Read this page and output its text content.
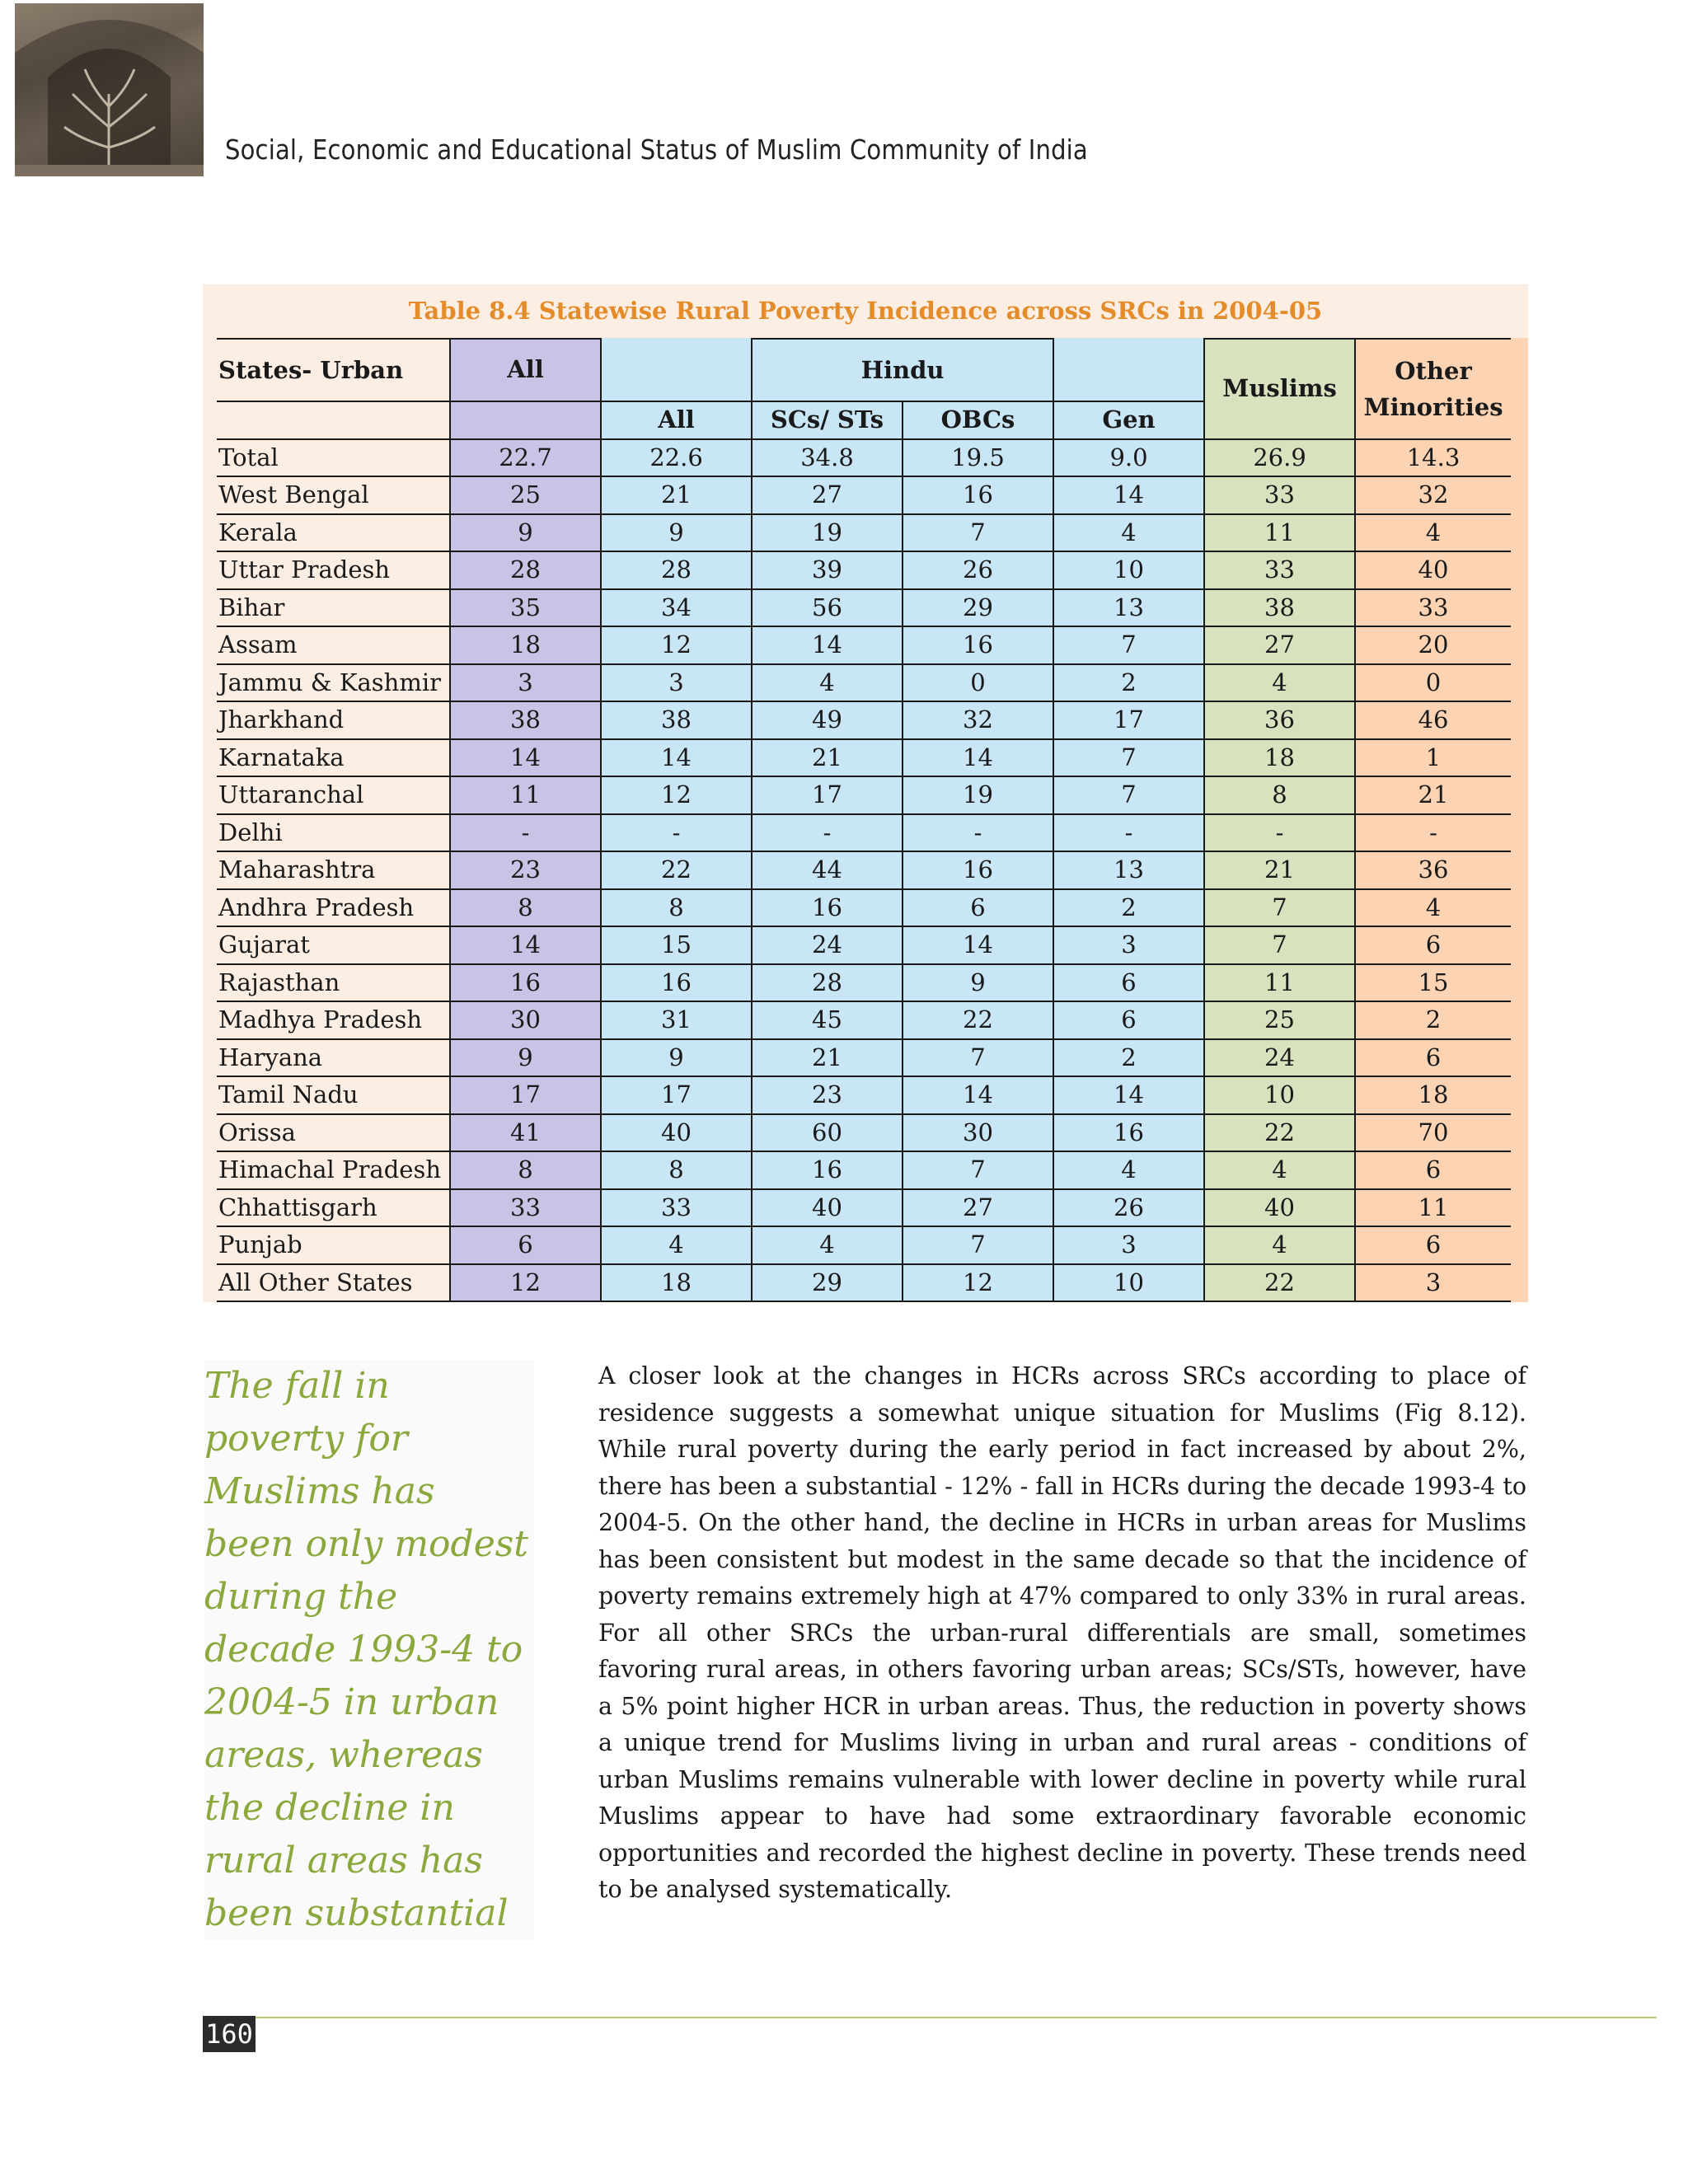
Social, Economic and Educational Status of Muslim Community of India
Table 8.4 Statewise Rural Poverty Incidence across SRCs in 2004-05
States- Urban	All		Hindu			Muslims	Other
Minorities

		All	SCs/ STs	OBCs	Gen		
Total	22.7	22.6	34.8	19.5	9.0	26.9	14.3
West Bengal	25	21	27	16	14	33	32
Kerala	9	9	19	7	4	11	4
Uttar Pradesh	28	28	39	26	10	33	40
Bihar	35	34	56	29	13	38	33
Assam	18	12	14	16	7	27	20
Jammu & Kashmir	3	3	4	0	2	4	0
Jharkhand	38	38	49	32	17	36	46
Karnataka	14	14	21	14	7	18	1
Uttaranchal	11	12	17	19	7	8	21
Delhi	-	-	-	-	-	-	-
Maharashtra	23	22	44	16	13	21	36
Andhra Pradesh	8	8	16	6	2	7	4
Gujarat	14	15	24	14	3	7	6
Rajasthan	16	16	28	9	6	11	15
Madhya Pradesh	30	31	45	22	6	25	2
Haryana	9	9	21	7	2	24	6
Tamil Nadu	17	17	23	14	14	10	18
Orissa	41	40	60	30	16	22	70
Himachal Pradesh	8	8	16	7	4	4	6
Chhattisgarh	33	33	40	27	26	40	11
Punjab	6	4	4	7	3	4	6
All Other States	12	18	29	12	10	22	3
The fall in poverty for Muslims has been only modest during the decade 1993-4 to 2004-5 in urban areas, whereas the decline in rural areas has been substantial
A closer look at the changes in HCRs across SRCs according to place of residence suggests a somewhat unique situation for Muslims (Fig 8.12). While rural poverty during the early period in fact increased by about 2%, there has been a substantial - 12% - fall in HCRs during the decade 1993-4 to 2004-5. On the other hand, the decline in HCRs in urban areas for Muslims has been consistent but modest in the same decade so that the incidence of poverty remains extremely high at 47% compared to only 33% in rural areas. For all other SRCs the urban-rural differentials are small, sometimes favoring rural areas, in others favoring urban areas; SCs/STs, however, have a 5% point higher HCR in urban areas. Thus, the reduction in poverty shows a unique trend for Muslims living in urban and rural areas - conditions of urban Muslims remains vulnerable with lower decline in poverty while rural Muslims appear to have had some extraordinary favorable economic opportunities and recorded the highest decline in poverty. These trends need to be analysed systematically.
160
